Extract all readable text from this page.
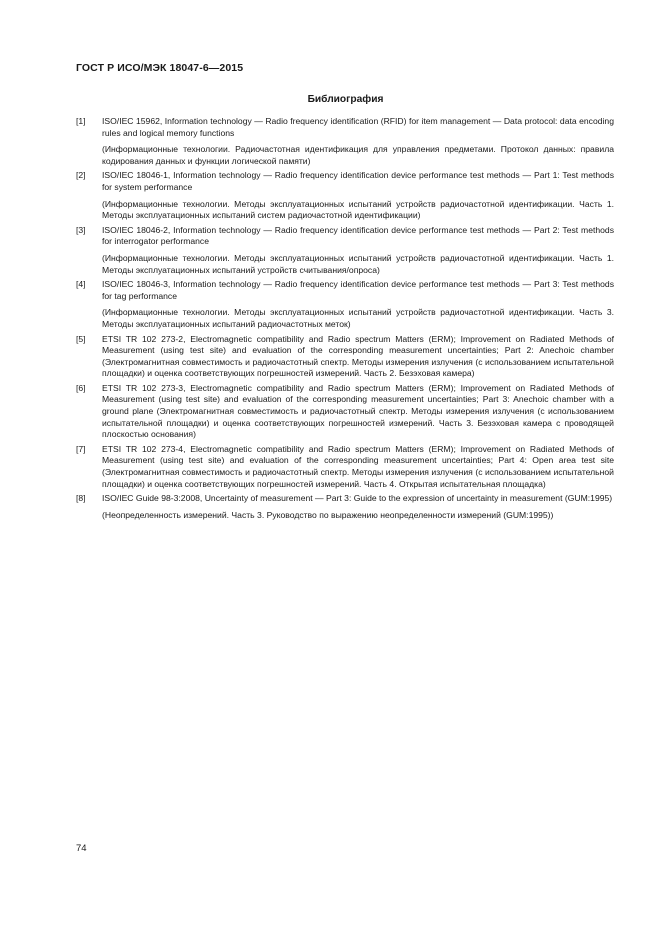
ГОСТ Р ИСО/МЭК 18047-6—2015
Библиография
[1]	ISO/IEC 15962, Information technology — Radio frequency identification (RFID) for item management — Data protocol: data encoding rules and logical memory functions
(Информационные технологии. Радиочастотная идентификация для управления предметами. Протокол данных: правила кодирования данных и функции логической памяти)
[2]	ISO/IEC 18046-1, Information technology — Radio frequency identification device performance test methods — Part 1: Test methods for system performance
(Информационные технологии. Методы эксплуатационных испытаний устройств радиочастотной идентификации. Часть 1. Методы эксплуатационных испытаний систем радиочастотной идентификации)
[3]	ISO/IEC 18046-2, Information technology — Radio frequency identification device performance test methods — Part 2: Test methods for interrogator performance
(Информационные технологии. Методы эксплуатационных испытаний устройств радиочастотной идентификации. Часть 1. Методы эксплуатационных испытаний устройств считывания/опроса)
[4]	ISO/IEC 18046-3, Information technology — Radio frequency identification device performance test methods — Part 3: Test methods for tag performance
(Информационные технологии. Методы эксплуатационных испытаний устройств радиочастотной идентификации. Часть 3. Методы эксплуатационных испытаний радиочастотных меток)
[5]	ETSI TR 102 273-2, Electromagnetic compatibility and Radio spectrum Matters (ERM); Improvement on Radiated Methods of Measurement (using test site) and evaluation of the corresponding measurement uncertainties; Part 2: Anechoic chamber (Электромагнитная совместимость и радиочастотный спектр. Методы измерения излучения (с использованием испытательной площадки) и оценка соответствующих погрешностей измерений. Часть 2. Безэховая камера)
[6]	ETSI TR 102 273-3, Electromagnetic compatibility and Radio spectrum Matters (ERM); Improvement on Radiated Methods of Measurement (using test site) and evaluation of the corresponding measurement uncertainties; Part 3: Anechoic chamber with a ground plane (Электромагнитная совместимость и радиочастотный спектр. Методы измерения излучения (с использованием испытательной площадки) и оценка соответствующих погрешностей измерений. Часть 3. Безэховая камера с проводящей плоскостью основания)
[7]	ETSI TR 102 273-4, Electromagnetic compatibility and Radio spectrum Matters (ERM); Improvement on Radiated Methods of Measurement (using test site) and evaluation of the corresponding measurement uncertainties; Part 4: Open area test site (Электромагнитная совместимость и радиочастотный спектр. Методы измерения излучения (с использованием испытательной площадки) и оценка соответствующих погрешностей измерений. Часть 4. Открытая испытательная площадка)
[8]	ISO/IEC Guide 98-3:2008, Uncertainty of measurement — Part 3: Guide to the expression of uncertainty in measurement (GUM:1995)
(Неопределенность измерений. Часть 3. Руководство по выражению неопределенности измерений (GUM:1995))
74
